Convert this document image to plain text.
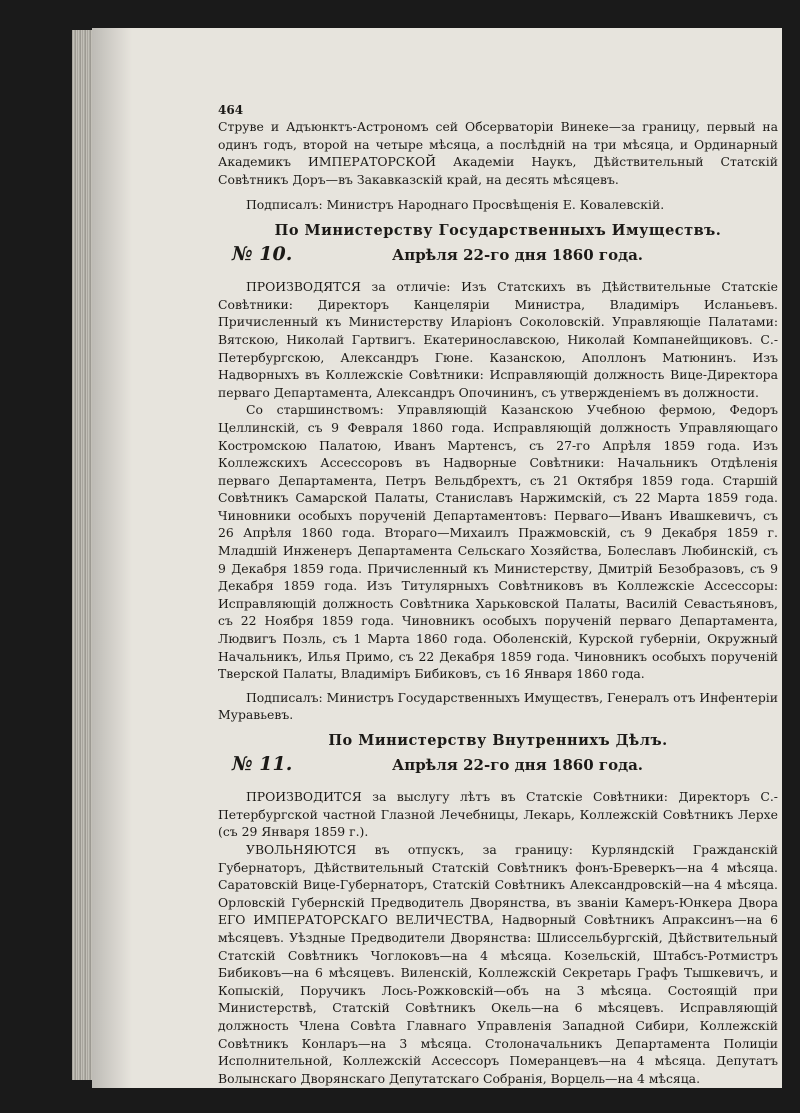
464

Струве и Адъюнктъ-Астрономъ сей Обсерваторіи Винеке—за границу, первый на одинъ годъ, второй на четыре мѣсяца, а послѣдній на три мѣсяца, и Ординарный Академикъ ИМПЕРАТОРСКОЙ Академіи Наукъ, Дѣйствительный Статскій Совѣтникъ Доръ—въ Закавказскій край, на десять мѣсяцевъ.

Подписалъ: Министръ Народнаго Просвѣщенія Е. Ковалевскій.

По Министерству Государственныхъ Имуществъ.
№ 10.	Апрѣля 22-го дня 1860 года.

ПРОИЗВОДЯТСЯ за отличіе: Изъ Статскихъ въ Дѣйствительные Статскіе Совѣтники: Директоръ Канцеляріи Министра, Владиміръ Исланьевъ. Причисленный къ Министерству Иларіонъ Соколовскій. Управляющіе Палатами: Вятскою, Николай Гартвигъ. Екатеринославскою, Николай Компанейщиковъ. С.-Петербургскою, Александръ Гюне. Казанскою, Аполлонъ Матюнинъ. Изъ Надворныхъ въ Коллежскіе Совѣтники: Исправляющій должность Вице-Директора перваго Департамента, Александръ Опочининъ, съ утвержденіемъ въ должности.

Со старшинствомъ: Управляющій Казанскою Учебною фермою, Федоръ Целлинскій, съ 9 Февраля 1860 года. Исправляющій должность Управляющаго Костромскою Палатою, Иванъ Мартенсъ, съ 27-го Апрѣля 1859 года. Изъ Коллежскихъ Ассессоровъ въ Надворные Совѣтники: Начальникъ Отдѣленія перваго Департамента, Петръ Вельдбрехтъ, съ 21 Октября 1859 года. Старшій Совѣтникъ Самарской Палаты, Станиславъ Наржимскій, съ 22 Марта 1859 года. Чиновники особыхъ порученій Департаментовъ: Перваго—Иванъ Ивашкевичъ, съ 26 Апрѣля 1860 года. Втораго—Михаилъ Пражмовскій, съ 9 Декабря 1859 г. Младшій Инженеръ Департамента Сельскаго Хозяйства, Болеславъ Любинскій, съ 9 Декабря 1859 года. Причисленный къ Министерству, Дмитрій Безобразовъ, съ 9 Декабря 1859 года. Изъ Титулярныхъ Совѣтниковъ въ Коллежскіе Ассессоры: Исправляющій должность Совѣтника Харьковской Палаты, Василій Севастьяновъ, съ 22 Ноября 1859 года. Чиновникъ особыхъ порученій перваго Департамента, Людвигъ Позль, съ 1 Марта 1860 года. Оболенскій, Курской губерніи, Окружный Начальникъ, Илья Примо, съ 22 Декабря 1859 года. Чиновникъ особыхъ порученій Тверской Палаты, Владиміръ Бибиковъ, съ 16 Января 1860 года.

Подписалъ: Министръ Государственныхъ Имуществъ, Генералъ отъ Инфентеріи Муравьевъ.

По Министерству Внутреннихъ Дѣлъ.
№ 11.	Апрѣля 22-го дня 1860 года.

ПРОИЗВОДИТСЯ за выслугу лѣтъ въ Статскіе Совѣтники: Директоръ С.-Петербургской частной Глазной Лечебницы, Лекарь, Коллежскій Совѣтникъ Лерхе (съ 29 Января 1859 г.).

УВОЛЬНЯЮТСЯ въ отпускъ, за границу: Курляндскій Гражданскій Губернаторъ, Дѣйствительный Статскій Совѣтникъ фонъ-Бреверкъ—на 4 мѣсяца. Саратовскій Вице-Губернаторъ, Статскій Совѣтникъ Александровскій—на 4 мѣсяца. Орловскій Губернскій Предводитель Дворянства, въ званіи Камеръ-Юнкера Двора ЕГО ИМПЕРАТОРСКАГО ВЕЛИЧЕСТВА, Надворный Совѣтникъ Апраксинъ—на 6 мѣсяцевъ. Уѣздные Предводители Дворянства: Шлиссельбургскій, Дѣйствительный Статскій Совѣтникъ Чоглоковъ—на 4 мѣсяца. Козельскій, Штабсъ-Ротмистръ Бибиковъ—на 6 мѣсяцевъ. Виленскій, Коллежскій Секретарь Графъ Тышкевичъ, и Копыскій, Поручикъ Лось-Рожковскій—объ на 3 мѣсяца. Состоящій при Министерствѣ, Статскій Совѣтникъ Окель—на 6 мѣсяцевъ. Исправляющій должность Члена Совѣта Главнаго Управленія Западной Сибири, Коллежскій Совѣтникъ Конларъ—на 3 мѣсяца. Столоначальникъ Департамента Полиціи Исполнительной, Коллежскій Ассессоръ Померанцевъ—на 4 мѣсяца. Депутатъ Волынскаго Дворянскаго Депутатскаго Собранія, Ворцель—на 4 мѣсяца.
